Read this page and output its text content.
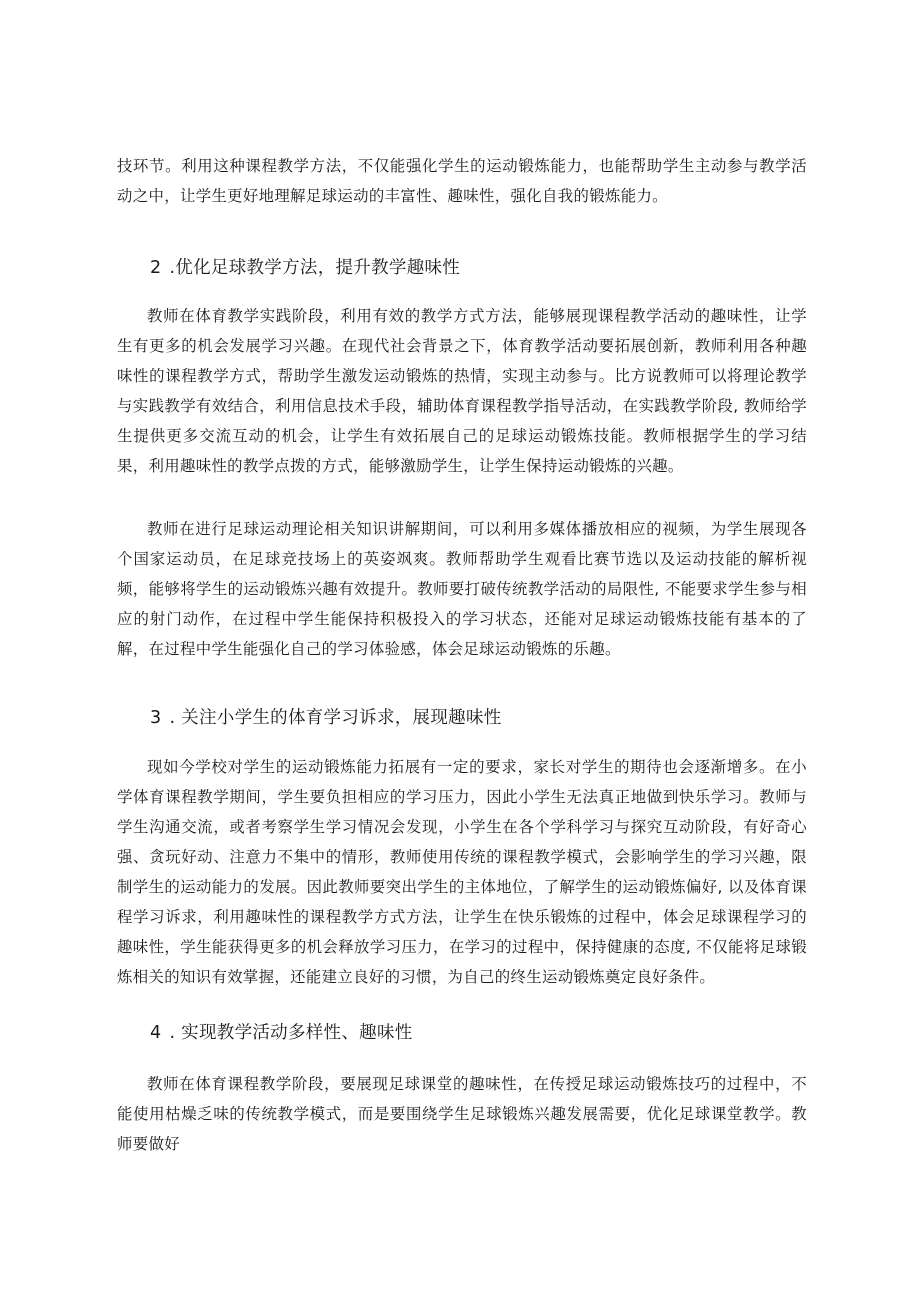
技环节。利用这种课程教学方法，不仅能强化学生的运动锻炼能力，也能帮助学生主动参与教学活动之中，让学生更好地理解足球运动的丰富性、趣味性，强化自我的锻炼能力。

2 .优化足球教学方法，提升教学趣味性

教师在体育教学实践阶段，利用有效的教学方式方法，能够展现课程教学活动的趣味性，让学生有更多的机会发展学习兴趣。在现代社会背景之下，体育教学活动要拓展创新，教师利用各种趣味性的课程教学方式，帮助学生激发运动锻炼的热情，实现主动参与。比方说教师可以将理论教学与实践教学有效结合，利用信息技术手段，辅助体育课程教学指导活动，在实践教学阶段, 教师给学生提供更多交流互动的机会，让学生有效拓展自己的足球运动锻炼技能。教师根据学生的学习结果，利用趣味性的教学点拨的方式，能够激励学生，让学生保持运动锻炼的兴趣。

教师在进行足球运动理论相关知识讲解期间，可以利用多媒体播放相应的视频，为学生展现各个国家运动员，在足球竞技场上的英姿飒爽。教师帮助学生观看比赛节选以及运动技能的解析视频，能够将学生的运动锻炼兴趣有效提升。教师要打破传统教学活动的局限性, 不能要求学生参与相应的射门动作，在过程中学生能保持积极投入的学习状态，还能对足球运动锻炼技能有基本的了解，在过程中学生能强化自己的学习体验感，体会足球运动锻炼的乐趣。

3 . 关注小学生的体育学习诉求，展现趣味性

现如今学校对学生的运动锻炼能力拓展有一定的要求，家长对学生的期待也会逐渐增多。在小学体育课程教学期间，学生要负担相应的学习压力，因此小学生无法真正地做到快乐学习。教师与学生沟通交流，或者考察学生学习情况会发现，小学生在各个学科学习与探究互动阶段，有好奇心强、贪玩好动、注意力不集中的情形，教师使用传统的课程教学模式，会影响学生的学习兴趣，限制学生的运动能力的发展。因此教师要突出学生的主体地位，了解学生的运动锻炼偏好, 以及体育课程学习诉求，利用趣味性的课程教学方式方法，让学生在快乐锻炼的过程中，体会足球课程学习的趣味性，学生能获得更多的机会释放学习压力，在学习的过程中，保持健康的态度, 不仅能将足球锻炼相关的知识有效掌握，还能建立良好的习惯，为自己的终生运动锻炼奠定良好条件。

4 . 实现教学活动多样性、趣味性

教师在体育课程教学阶段，要展现足球课堂的趣味性，在传授足球运动锻炼技巧的过程中，不能使用枯燥乏味的传统教学模式，而是要围绕学生足球锻炼兴趣发展需要，优化足球课堂教学。教师要做好
